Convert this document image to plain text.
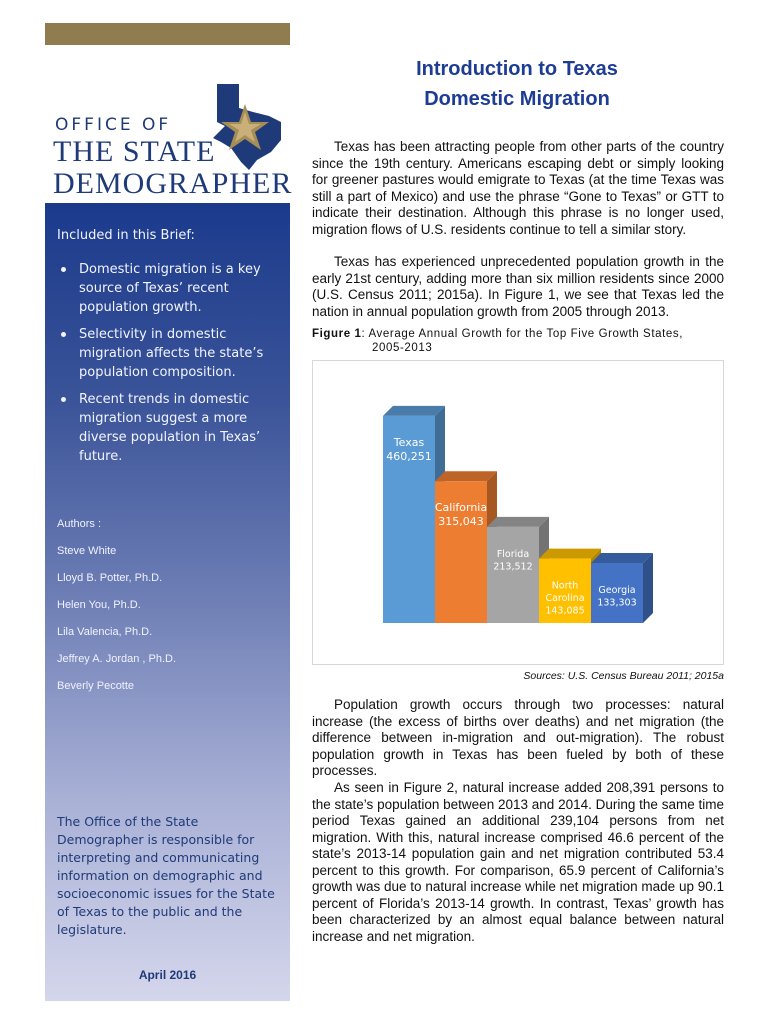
OFFICE OF
THE STATE
DEMOGRAPHER
Included in this Brief:
Domestic migration is a key source of Texas’ recent population growth.
Selectivity in domestic migration affects the state’s population composition.
Recent trends in domestic migration suggest a more diverse population in Texas’ future.
Authors :
Steve White
Lloyd B. Potter, Ph.D.
Helen You, Ph.D.
Lila Valencia, Ph.D.
Jeffrey A. Jordan , Ph.D.
Beverly Pecotte
The Office of the State Demographer is responsible for interpreting and communicating information on demographic and socioeconomic issues for the State of Texas to the public and the legislature.
April 2016
Introduction to Texas
Domestic Migration

Texas has been attracting people from other parts of the country since the 19th century. Americans escaping debt or simply looking for greener pastures would emigrate to Texas (at the time Texas was still a part of Mexico) and use the phrase “Gone to Texas” or GTT to indicate their destination. Although this phrase is no longer used, migration flows of U.S. residents continue to tell a similar story.

Texas has experienced unprecedented population growth in the early 21st century, adding more than six million residents since 2000 (U.S. Census 2011; 2015a). In Figure 1, we see that Texas led the nation in annual population growth from 2005 through 2013.

Figure 1: Average Annual Growth for the Top Five Growth States,
2005-2013
Texas
460,251
California
315,043
Florida
213,512
North
Carolina
143,085
Georgia
133,303
Sources: U.S. Census Bureau 2011; 2015a

Population growth occurs through two processes: natural increase (the excess of births over deaths) and net migration (the difference between in-migration and out-migration). The robust population growth in Texas has been fueled by both of these processes.

As seen in Figure 2, natural increase added 208,391 persons to the state’s population between 2013 and 2014. During the same time period Texas gained an additional 239,104 persons from net migration. With this, natural increase comprised 46.6 percent of the state’s 2013-14 population gain and net migration contributed 53.4 percent to this growth. For comparison, 65.9 percent of California’s growth was due to natural increase while net migration made up 90.1 percent of Florida’s 2013-14 growth. In contrast, Texas’ growth has been characterized by an almost equal balance between natural increase and net migration.
